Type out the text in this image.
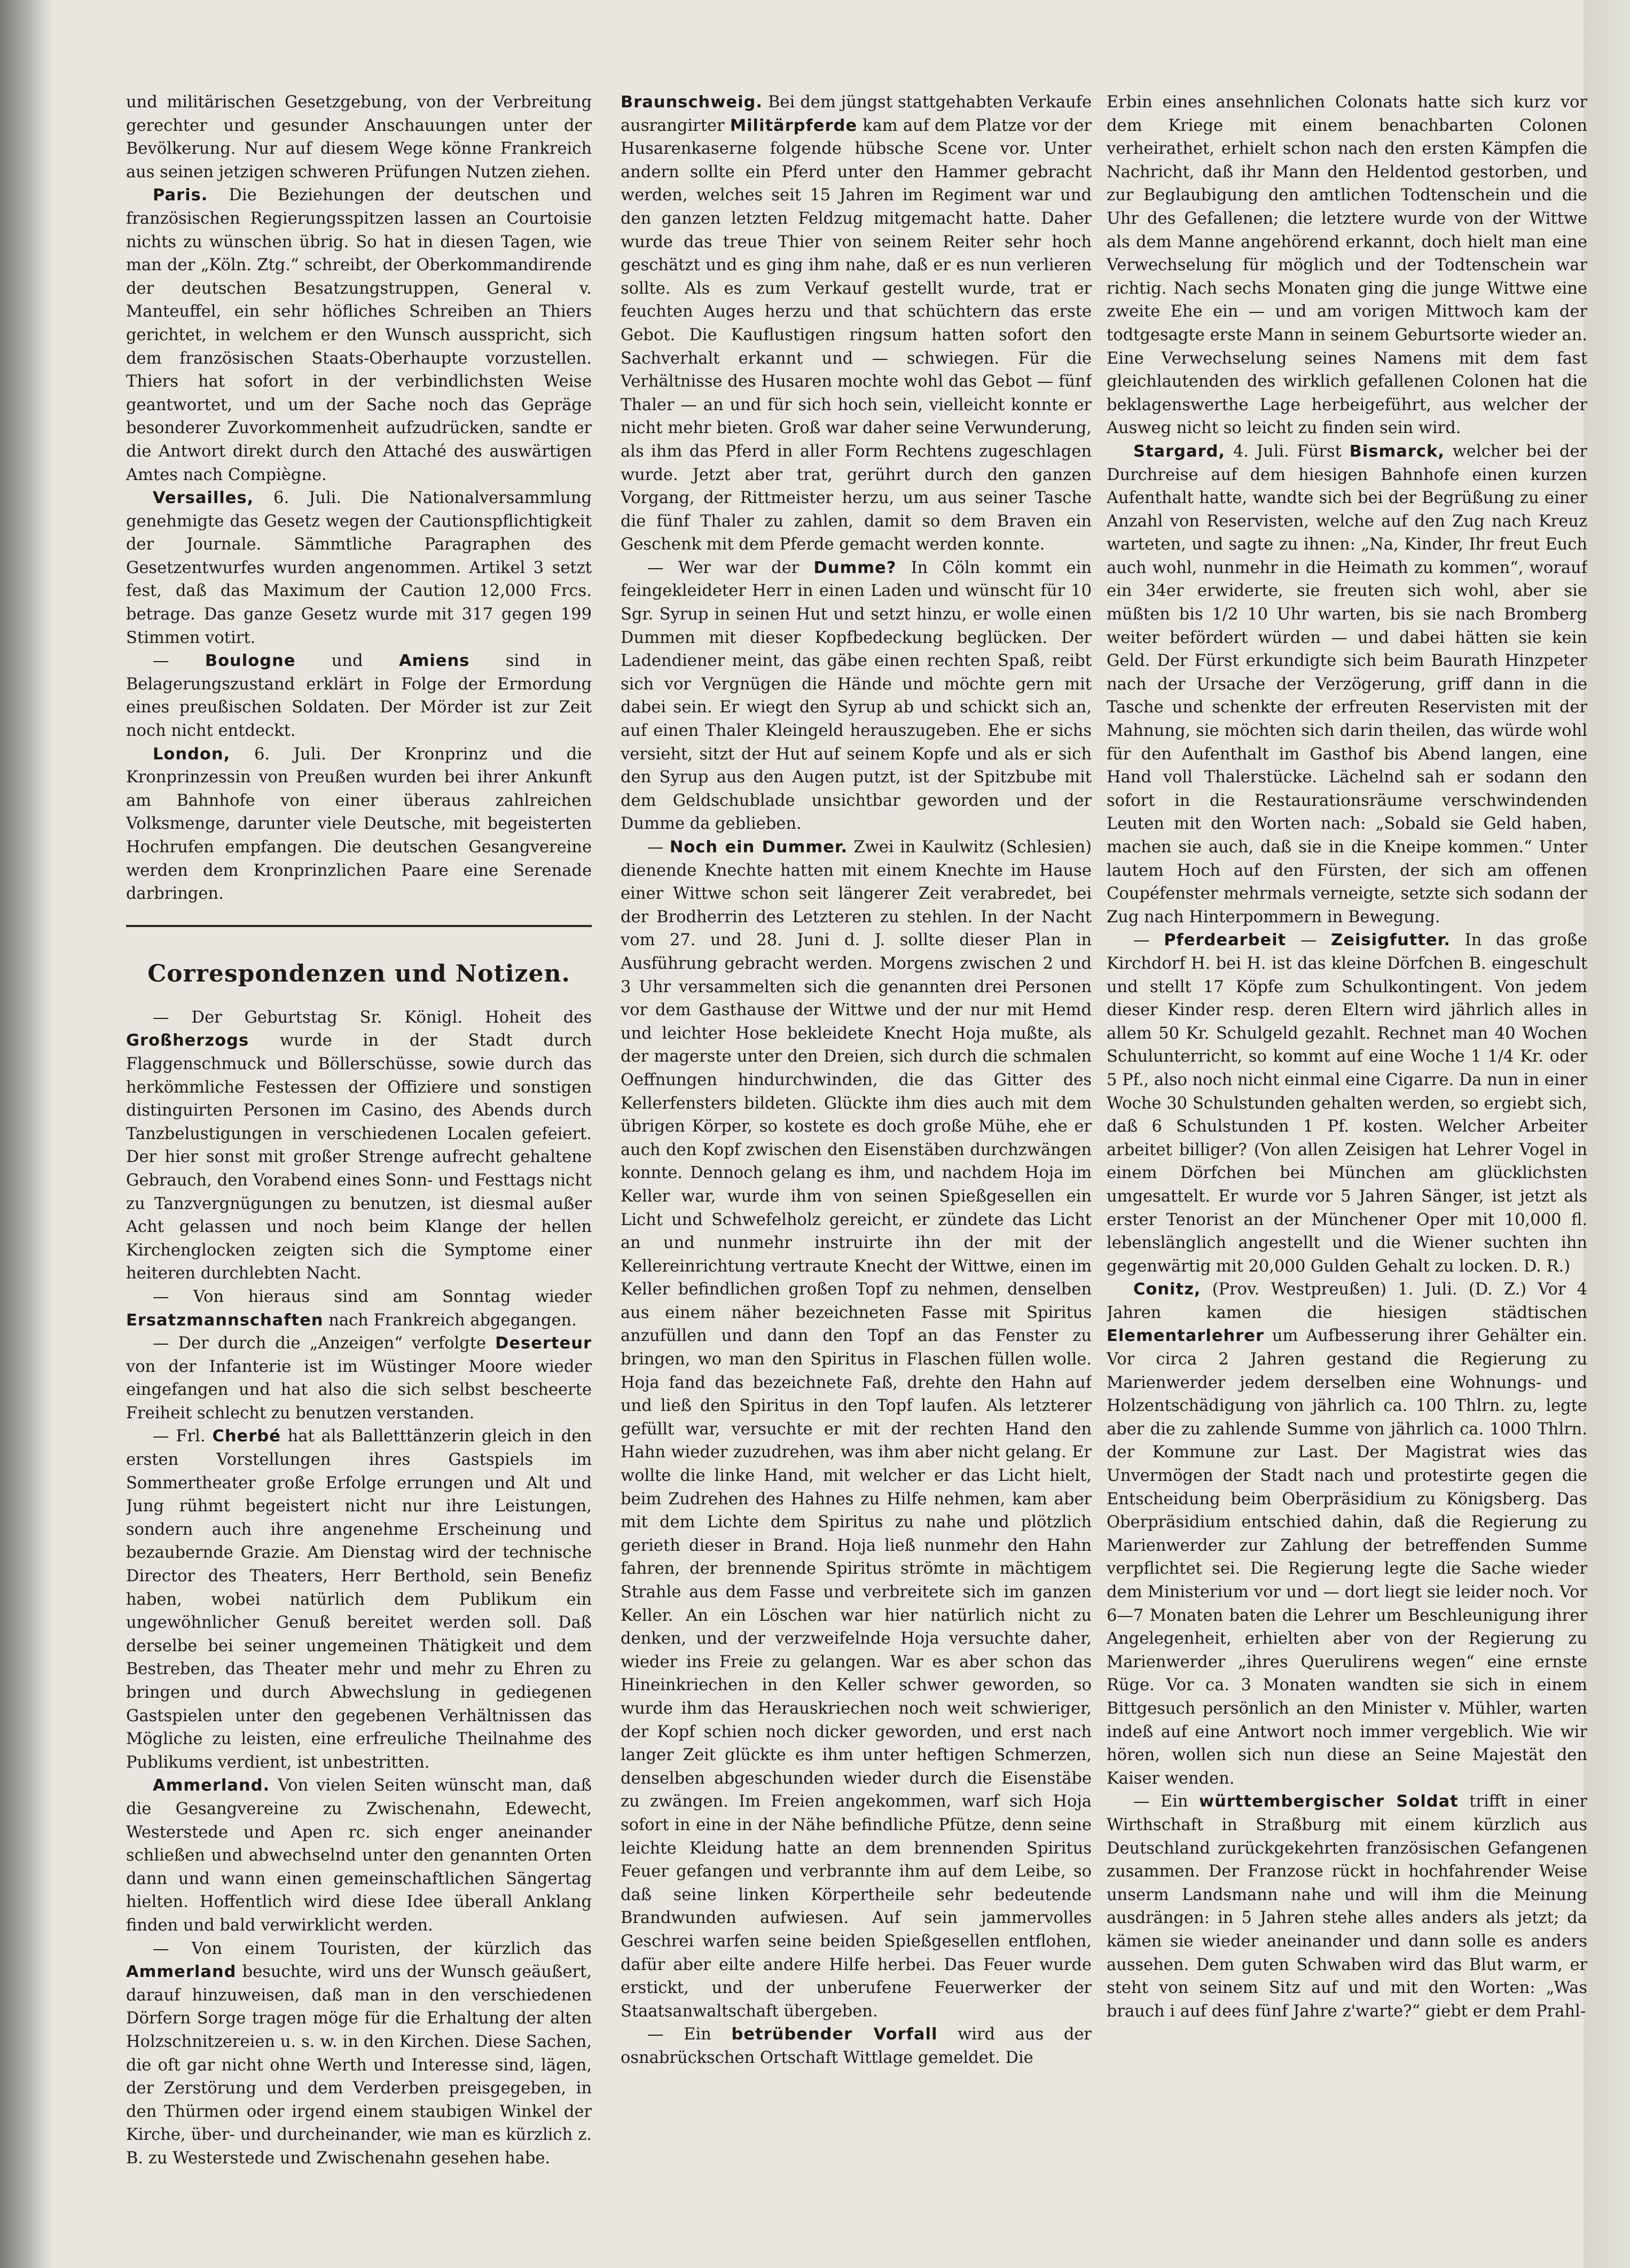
und militärischen Gesetzgebung, von der Verbreitung gerechter und gesunder Anschauungen unter der Bevölkerung. Nur auf diesem Wege könne Frankreich aus seinen jetzigen schweren Prüfungen Nutzen ziehen.

Paris. Die Beziehungen der deutschen und französischen Regierungsspitzen lassen an Courtoisie nichts zu wünschen übrig. So hat in diesen Tagen, wie man der „Köln. Ztg.“ schreibt, der Oberkommandirende der deutschen Besatzungstruppen, General v. Manteuffel, ein sehr höfliches Schreiben an Thiers gerichtet, in welchem er den Wunsch ausspricht, sich dem französischen Staats-Oberhaupte vorzustellen. Thiers hat sofort in der verbindlichsten Weise geantwortet, und um der Sache noch das Gepräge besonderer Zuvorkommenheit aufzudrücken, sandte er die Antwort direkt durch den Attaché des auswärtigen Amtes nach Compiègne.

Versailles, 6. Juli. Die Nationalversammlung genehmigte das Gesetz wegen der Cautionspflichtigkeit der Journale. Sämmtliche Paragraphen des Gesetzentwurfes wurden angenommen. Artikel 3 setzt fest, daß das Maximum der Caution 12,000 Frcs. betrage. Das ganze Gesetz wurde mit 317 gegen 199 Stimmen votirt.

— Boulogne und Amiens sind in Belagerungszustand erklärt in Folge der Ermordung eines preußischen Soldaten. Der Mörder ist zur Zeit noch nicht entdeckt.

London, 6. Juli. Der Kronprinz und die Kronprinzessin von Preußen wurden bei ihrer Ankunft am Bahnhofe von einer überaus zahlreichen Volksmenge, darunter viele Deutsche, mit begeisterten Hochrufen empfangen. Die deutschen Gesangvereine werden dem Kronprinzlichen Paare eine Serenade darbringen.

Correspondenzen und Notizen.

— Der Geburtstag Sr. Königl. Hoheit des Großherzogs wurde in der Stadt durch Flaggenschmuck und Böllerschüsse, sowie durch das herkömmliche Festessen der Offiziere und sonstigen distinguirten Personen im Casino, des Abends durch Tanzbelustigungen in verschiedenen Localen gefeiert. Der hier sonst mit großer Strenge aufrecht gehaltene Gebrauch, den Vorabend eines Sonn- und Festtags nicht zu Tanzvergnügungen zu benutzen, ist diesmal außer Acht gelassen und noch beim Klange der hellen Kirchenglocken zeigten sich die Symptome einer heiteren durchlebten Nacht.

— Von hieraus sind am Sonntag wieder Ersatzmannschaften nach Frankreich abgegangen.

— Der durch die „Anzeigen“ verfolgte Deserteur von der Infanterie ist im Wüstinger Moore wieder eingefangen und hat also die sich selbst bescheerte Freiheit schlecht zu benutzen verstanden.

— Frl. Cherbé hat als Balletttänzerin gleich in den ersten Vorstellungen ihres Gastspiels im Sommertheater große Erfolge errungen und Alt und Jung rühmt begeistert nicht nur ihre Leistungen, sondern auch ihre angenehme Erscheinung und bezaubernde Grazie. Am Dienstag wird der technische Director des Theaters, Herr Berthold, sein Benefiz haben, wobei natürlich dem Publikum ein ungewöhnlicher Genuß bereitet werden soll. Daß derselbe bei seiner ungemeinen Thätigkeit und dem Bestreben, das Theater mehr und mehr zu Ehren zu bringen und durch Abwechslung in gediegenen Gastspielen unter den gegebenen Verhältnissen das Mögliche zu leisten, eine erfreuliche Theilnahme des Publikums verdient, ist unbestritten.

Ammerland. Von vielen Seiten wünscht man, daß die Gesangvereine zu Zwischenahn, Edewecht, Westerstede und Apen rc. sich enger aneinander schließen und abwechselnd unter den genannten Orten dann und wann einen gemeinschaftlichen Sängertag hielten. Hoffentlich wird diese Idee überall Anklang finden und bald verwirklicht werden.

— Von einem Touristen, der kürzlich das Ammerland besuchte, wird uns der Wunsch geäußert, darauf hinzuweisen, daß man in den verschiedenen Dörfern Sorge tragen möge für die Erhaltung der alten Holzschnitzereien u. s. w. in den Kirchen. Diese Sachen, die oft gar nicht ohne Werth und Interesse sind, lägen, der Zerstörung und dem Verderben preisgegeben, in den Thürmen oder irgend einem staubigen Winkel der Kirche, über- und durcheinander, wie man es kürzlich z. B. zu Westerstede und Zwischenahn gesehen habe.

Braunschweig. Bei dem jüngst stattgehabten Verkaufe ausrangirter Militärpferde kam auf dem Platze vor der Husarenkaserne folgende hübsche Scene vor. Unter andern sollte ein Pferd unter den Hammer gebracht werden, welches seit 15 Jahren im Regiment war und den ganzen letzten Feldzug mitgemacht hatte. Daher wurde das treue Thier von seinem Reiter sehr hoch geschätzt und es ging ihm nahe, daß er es nun verlieren sollte. Als es zum Verkauf gestellt wurde, trat er feuchten Auges herzu und that schüchtern das erste Gebot. Die Kauflustigen ringsum hatten sofort den Sachverhalt erkannt und — schwiegen. Für die Verhältnisse des Husaren mochte wohl das Gebot — fünf Thaler — an und für sich hoch sein, vielleicht konnte er nicht mehr bieten. Groß war daher seine Verwunderung, als ihm das Pferd in aller Form Rechtens zugeschlagen wurde. Jetzt aber trat, gerührt durch den ganzen Vorgang, der Rittmeister herzu, um aus seiner Tasche die fünf Thaler zu zahlen, damit so dem Braven ein Geschenk mit dem Pferde gemacht werden konnte.

— Wer war der Dumme? In Cöln kommt ein feingekleideter Herr in einen Laden und wünscht für 10 Sgr. Syrup in seinen Hut und setzt hinzu, er wolle einen Dummen mit dieser Kopfbedeckung beglücken. Der Ladendiener meint, das gäbe einen rechten Spaß, reibt sich vor Vergnügen die Hände und möchte gern mit dabei sein. Er wiegt den Syrup ab und schickt sich an, auf einen Thaler Kleingeld herauszugeben. Ehe er sichs versieht, sitzt der Hut auf seinem Kopfe und als er sich den Syrup aus den Augen putzt, ist der Spitzbube mit dem Geldschublade unsichtbar geworden und der Dumme da geblieben.

— Noch ein Dummer. Zwei in Kaulwitz (Schlesien) dienende Knechte hatten mit einem Knechte im Hause einer Wittwe schon seit längerer Zeit verabredet, bei der Brodherrin des Letzteren zu stehlen. In der Nacht vom 27. und 28. Juni d. J. sollte dieser Plan in Ausführung gebracht werden. Morgens zwischen 2 und 3 Uhr versammelten sich die genannten drei Personen vor dem Gasthause der Wittwe und der nur mit Hemd und leichter Hose bekleidete Knecht Hoja mußte, als der magerste unter den Dreien, sich durch die schmalen Oeffnungen hindurchwinden, die das Gitter des Kellerfensters bildeten. Glückte ihm dies auch mit dem übrigen Körper, so kostete es doch große Mühe, ehe er auch den Kopf zwischen den Eisenstäben durchzwängen konnte. Dennoch gelang es ihm, und nachdem Hoja im Keller war, wurde ihm von seinen Spießgesellen ein Licht und Schwefelholz gereicht, er zündete das Licht an und nunmehr instruirte ihn der mit der Kellereinrichtung vertraute Knecht der Wittwe, einen im Keller befindlichen großen Topf zu nehmen, denselben aus einem näher bezeichneten Fasse mit Spiritus anzufüllen und dann den Topf an das Fenster zu bringen, wo man den Spiritus in Flaschen füllen wolle. Hoja fand das bezeichnete Faß, drehte den Hahn auf und ließ den Spiritus in den Topf laufen. Als letzterer gefüllt war, versuchte er mit der rechten Hand den Hahn wieder zuzudrehen, was ihm aber nicht gelang. Er wollte die linke Hand, mit welcher er das Licht hielt, beim Zudrehen des Hahnes zu Hilfe nehmen, kam aber mit dem Lichte dem Spiritus zu nahe und plötzlich gerieth dieser in Brand. Hoja ließ nunmehr den Hahn fahren, der brennende Spiritus strömte in mächtigem Strahle aus dem Fasse und verbreitete sich im ganzen Keller. An ein Löschen war hier natürlich nicht zu denken, und der verzweifelnde Hoja versuchte daher, wieder ins Freie zu gelangen. War es aber schon das Hineinkriechen in den Keller schwer geworden, so wurde ihm das Herauskriechen noch weit schwieriger, der Kopf schien noch dicker geworden, und erst nach langer Zeit glückte es ihm unter heftigen Schmerzen, denselben abgeschunden wieder durch die Eisenstäbe zu zwängen. Im Freien angekommen, warf sich Hoja sofort in eine in der Nähe befindliche Pfütze, denn seine leichte Kleidung hatte an dem brennenden Spiritus Feuer gefangen und verbrannte ihm auf dem Leibe, so daß seine linken Körpertheile sehr bedeutende Brandwunden aufwiesen. Auf sein jammervolles Geschrei warfen seine beiden Spießgesellen entflohen, dafür aber eilte andere Hilfe herbei. Das Feuer wurde erstickt, und der unberufene Feuerwerker der Staatsanwaltschaft übergeben.

— Ein betrübender Vorfall wird aus der osnabrückschen Ortschaft Wittlage gemeldet. Die

Erbin eines ansehnlichen Colonats hatte sich kurz vor dem Kriege mit einem benachbarten Colonen verheirathet, erhielt schon nach den ersten Kämpfen die Nachricht, daß ihr Mann den Heldentod gestorben, und zur Beglaubigung den amtlichen Todtenschein und die Uhr des Gefallenen; die letztere wurde von der Wittwe als dem Manne angehörend erkannt, doch hielt man eine Verwechselung für möglich und der Todtenschein war richtig. Nach sechs Monaten ging die junge Wittwe eine zweite Ehe ein — und am vorigen Mittwoch kam der todtgesagte erste Mann in seinem Geburtsorte wieder an. Eine Verwechselung seines Namens mit dem fast gleichlautenden des wirklich gefallenen Colonen hat die beklagenswerthe Lage herbeigeführt, aus welcher der Ausweg nicht so leicht zu finden sein wird.

Stargard, 4. Juli. Fürst Bismarck, welcher bei der Durchreise auf dem hiesigen Bahnhofe einen kurzen Aufenthalt hatte, wandte sich bei der Begrüßung zu einer Anzahl von Reservisten, welche auf den Zug nach Kreuz warteten, und sagte zu ihnen: „Na, Kinder, Ihr freut Euch auch wohl, nunmehr in die Heimath zu kommen“, worauf ein 34er erwiderte, sie freuten sich wohl, aber sie müßten bis 1/2 10 Uhr warten, bis sie nach Bromberg weiter befördert würden — und dabei hätten sie kein Geld. Der Fürst erkundigte sich beim Baurath Hinzpeter nach der Ursache der Verzögerung, griff dann in die Tasche und schenkte der erfreuten Reservisten mit der Mahnung, sie möchten sich darin theilen, das würde wohl für den Aufenthalt im Gasthof bis Abend langen, eine Hand voll Thalerstücke. Lächelnd sah er sodann den sofort in die Restaurationsräume verschwindenden Leuten mit den Worten nach: „Sobald sie Geld haben, machen sie auch, daß sie in die Kneipe kommen.“ Unter lautem Hoch auf den Fürsten, der sich am offenen Coupéfenster mehrmals verneigte, setzte sich sodann der Zug nach Hinterpommern in Bewegung.

— Pferdearbeit — Zeisigfutter. In das große Kirchdorf H. bei H. ist das kleine Dörfchen B. eingeschult und stellt 17 Köpfe zum Schulkontingent. Von jedem dieser Kinder resp. deren Eltern wird jährlich alles in allem 50 Kr. Schulgeld gezahlt. Rechnet man 40 Wochen Schulunterricht, so kommt auf eine Woche 1 1/4 Kr. oder 5 Pf., also noch nicht einmal eine Cigarre. Da nun in einer Woche 30 Schulstunden gehalten werden, so ergiebt sich, daß 6 Schulstunden 1 Pf. kosten. Welcher Arbeiter arbeitet billiger? (Von allen Zeisigen hat Lehrer Vogel in einem Dörfchen bei München am glücklichsten umgesattelt. Er wurde vor 5 Jahren Sänger, ist jetzt als erster Tenorist an der Münchener Oper mit 10,000 fl. lebenslänglich angestellt und die Wiener suchten ihn gegenwärtig mit 20,000 Gulden Gehalt zu locken. D. R.)

Conitz, (Prov. Westpreußen) 1. Juli. (D. Z.) Vor 4 Jahren kamen die hiesigen städtischen Elementarlehrer um Aufbesserung ihrer Gehälter ein. Vor circa 2 Jahren gestand die Regierung zu Marienwerder jedem derselben eine Wohnungs- und Holzentschädigung von jährlich ca. 100 Thlrn. zu, legte aber die zu zahlende Summe von jährlich ca. 1000 Thlrn. der Kommune zur Last. Der Magistrat wies das Unvermögen der Stadt nach und protestirte gegen die Entscheidung beim Oberpräsidium zu Königsberg. Das Oberpräsidium entschied dahin, daß die Regierung zu Marienwerder zur Zahlung der betreffenden Summe verpflichtet sei. Die Regierung legte die Sache wieder dem Ministerium vor und — dort liegt sie leider noch. Vor 6—7 Monaten baten die Lehrer um Beschleunigung ihrer Angelegenheit, erhielten aber von der Regierung zu Marienwerder „ihres Querulirens wegen“ eine ernste Rüge. Vor ca. 3 Monaten wandten sie sich in einem Bittgesuch persönlich an den Minister v. Mühler, warten indeß auf eine Antwort noch immer vergeblich. Wie wir hören, wollen sich nun diese an Seine Majestät den Kaiser wenden.

— Ein württembergischer Soldat trifft in einer Wirthschaft in Straßburg mit einem kürzlich aus Deutschland zurückgekehrten französischen Gefangenen zusammen. Der Franzose rückt in hochfahrender Weise unserm Landsmann nahe und will ihm die Meinung ausdrängen: in 5 Jahren stehe alles anders als jetzt; da kämen sie wieder aneinander und dann solle es anders aussehen. Dem guten Schwaben wird das Blut warm, er steht von seinem Sitz auf und mit den Worten: „Was brauch i auf dees fünf Jahre z'warte?“ giebt er dem Prahl-
